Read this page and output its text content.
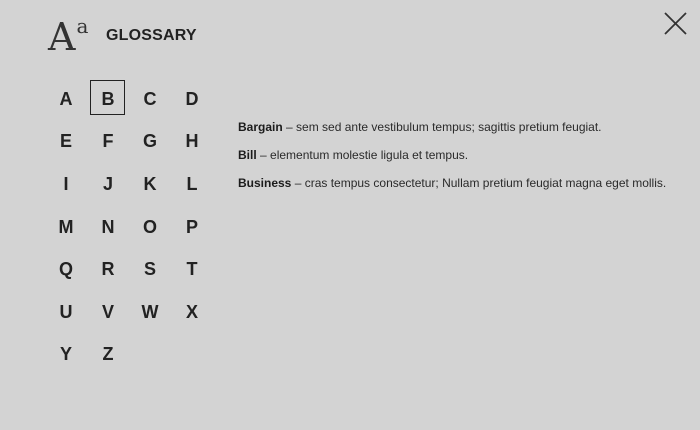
A a GLOSSARY
A B C D
E F G H
I J K L
M N O P
Q R S T
U V W X
Y Z
Bargain – sem sed ante vestibulum tempus; sagittis pretium feugiat.
Bill – elementum molestie ligula et tempus.
Business – cras tempus consectetur; Nullam pretium feugiat magna eget mollis.
